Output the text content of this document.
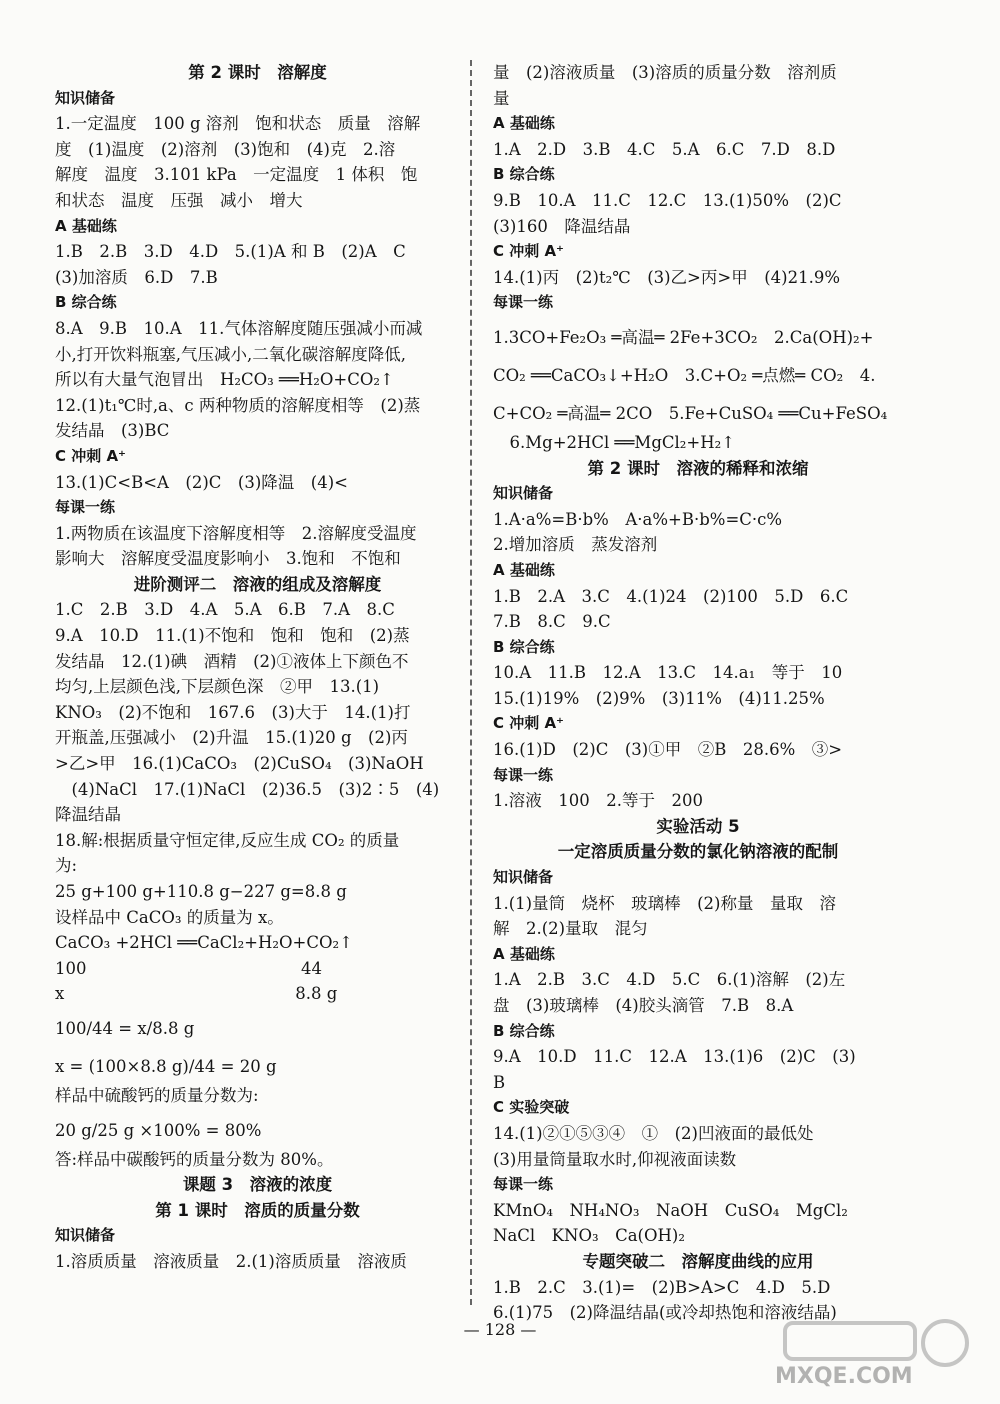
第 2 课时　溶解度
知识储备
1.一定温度　100 g 溶剂　饱和状态　质量　溶解
度　(1)温度　(2)溶剂　(3)饱和　(4)克　2.溶
解度　温度　3.101 kPa　一定温度　1 体积　饱
和状态　温度　压强　减小　增大
A 基础练
1.B　2.B　3.D　4.D　5.(1)A 和 B　(2)A　C
(3)加溶质　6.D　7.B
B 综合练
8.A　9.B　10.A　11.气体溶解度随压强减小而减
小,打开饮料瓶塞,气压减小,二氧化碳溶解度降低,
所以有大量气泡冒出　H₂CO₃ ══H₂O+CO₂↑
12.(1)t₁℃时,a、c 两种物质的溶解度相等　(2)蒸
发结晶　(3)BC
C 冲刺 A⁺
13.(1)C<B<A　(2)C　(3)降温　(4)<
每课一练
1.两物质在该温度下溶解度相等　2.溶解度受温度
影响大　溶解度受温度影响小　3.饱和　不饱和
进阶测评二　溶液的组成及溶解度
1.C　2.B　3.D　4.A　5.A　6.B　7.A　8.C
9.A　10.D　11.(1)不饱和　饱和　饱和　(2)蒸
发结晶　12.(1)碘　酒精　(2)①液体上下颜色不
均匀,上层颜色浅,下层颜色深　②甲　13.(1)
KNO₃　(2)不饱和　167.6　(3)大于　14.(1)打
开瓶盖,压强减小　(2)升温　15.(1)20 g　(2)丙
>乙>甲　16.(1)CaCO₃　(2)CuSO₄　(3)NaOH
　(4)NaCl　17.(1)NaCl　(2)36.5　(3)2∶5　(4)
降温结晶
18.解:根据质量守恒定律,反应生成 CO₂ 的质量
为:
25 g+100 g+110.8 g−227 g=8.8 g
设样品中 CaCO₃ 的质量为 x。
CaCO₃ +2HCl ══CaCl₂+H₂O+CO₂↑
100　　　　　　　　　　　　　44
x　　　　　　　　　　　　　　8.8 g
100/44 = x/8.8 g
x = (100×8.8 g)/44 = 20 g
样品中硫酸钙的质量分数为:
20 g/25 g ×100% = 80%
答:样品中碳酸钙的质量分数为 80%。
课题 3　溶液的浓度
第 1 课时　溶质的质量分数
知识储备
1.溶质质量　溶液质量　2.(1)溶质质量　溶液质
量　(2)溶液质量　(3)溶质的质量分数　溶剂质
量
A 基础练
1.A　2.D　3.B　4.C　5.A　6.C　7.D　8.D
B 综合练
9.B　10.A　11.C　12.C　13.(1)50%　(2)C
(3)160　降温结晶
C 冲刺 A⁺
14.(1)丙　(2)t₂℃　(3)乙>丙>甲　(4)21.9%
每课一练
1.3CO+Fe₂O₃ ═高温═ 2Fe+3CO₂　2.Ca(OH)₂+
CO₂ ══CaCO₃↓+H₂O　3.C+O₂ ═点燃═ CO₂　4.
C+CO₂ ═高温═ 2CO　5.Fe+CuSO₄ ══Cu+FeSO₄
　6.Mg+2HCl ══MgCl₂+H₂↑
第 2 课时　溶液的稀释和浓缩
知识储备
1.A·a%=B·b%　A·a%+B·b%=C·c%
2.增加溶质　蒸发溶剂
A 基础练
1.B　2.A　3.C　4.(1)24　(2)100　5.D　6.C
7.B　8.C　9.C
B 综合练
10.A　11.B　12.A　13.C　14.a₁　等于　10
15.(1)19%　(2)9%　(3)11%　(4)11.25%
C 冲刺 A⁺
16.(1)D　(2)C　(3)①甲　②B　28.6%　③>
每课一练
1.溶液　100　2.等于　200
实验活动 5
一定溶质质量分数的氯化钠溶液的配制
知识储备
1.(1)量筒　烧杯　玻璃棒　(2)称量　量取　溶
解　2.(2)量取　混匀
A 基础练
1.A　2.B　3.C　4.D　5.C　6.(1)溶解　(2)左
盘　(3)玻璃棒　(4)胶头滴管　7.B　8.A
B 综合练
9.A　10.D　11.C　12.A　13.(1)6　(2)C　(3)
B
C 实验突破
14.(1)②①⑤③④　①　(2)凹液面的最低处
(3)用量筒量取水时,仰视液面读数
每课一练
KMnO₄　NH₄NO₃　NaOH　CuSO₄　MgCl₂
NaCl　KNO₃　Ca(OH)₂
专题突破二　溶解度曲线的应用
1.B　2.C　3.(1)=　(2)B>A>C　4.D　5.D
6.(1)75　(2)降温结晶(或冷却热饱和溶液结晶)
— 128 —
MXQE.COM
